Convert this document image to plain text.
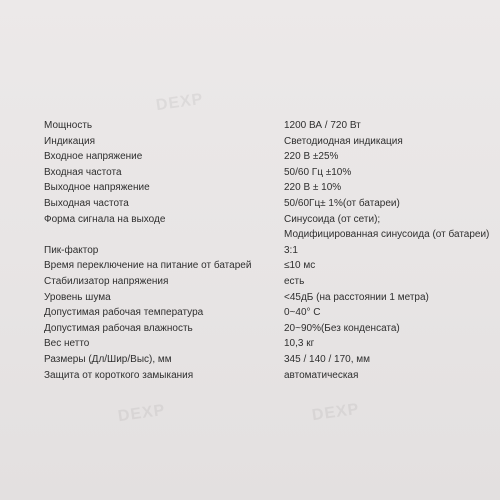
DEXP
DEXP
DEXP
Мощность	1200 ВА / 720 Вт
Индикация	Светодиодная индикация
Входное напряжение	220 В ±25%
Входная частота	50/60 Гц ±10%
Выходное напряжение	220 В ± 10%
Выходная частота	50/60Гц± 1%(от батареи)
Форма сигнала на выходе	Синусоида (от сети);
Модифицированная синусоида (от батареи)
Пик-фактор	3:1
Время переключение на питание от батарей	≤10 мс
Стабилизатор напряжения	есть
Уровень шума	<45дБ (на расстоянии 1 метра)
Допустимая рабочая температура	0~40° С
Допустимая рабочая влажность	20~90%(Без конденсата)
Вес нетто	10,3 кг
Размеры (Дл/Шир/Выс), мм	345 / 140 / 170, мм
Защита от короткого замыкания	автоматическая
